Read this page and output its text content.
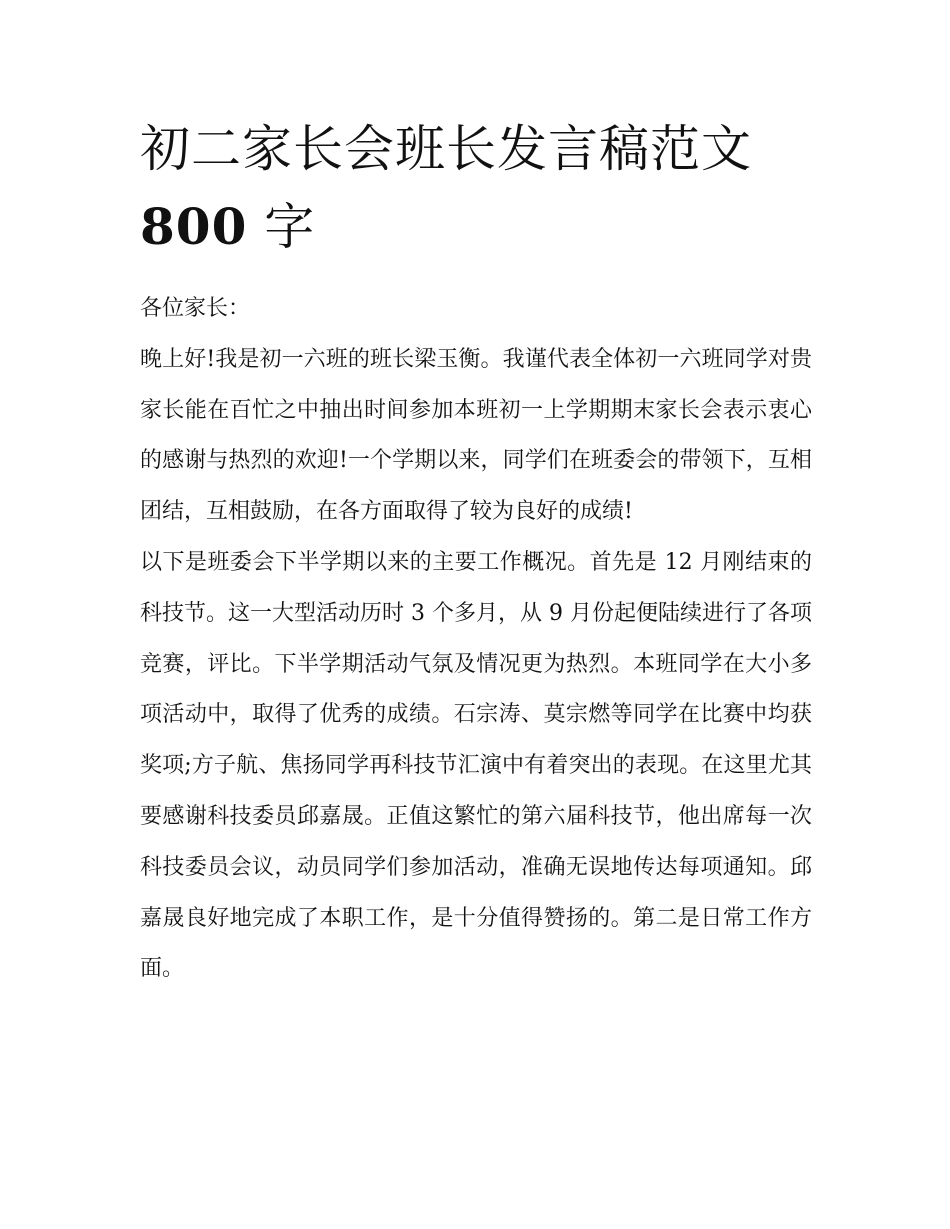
初二家长会班长发言稿范文
800 字

各位家长：

晚上好!我是初一六班的班长梁玉衡。我谨代表全体初一六班同学对贵家长能在百忙之中抽出时间参加本班初一上学期期末家长会表示衷心的感谢与热烈的欢迎!一个学期以来，同学们在班委会的带领下，互相团结，互相鼓励，在各方面取得了较为良好的成绩!

以下是班委会下半学期以来的主要工作概况。首先是 12 月刚结束的科技节。这一大型活动历时 3 个多月，从 9 月份起便陆续进行了各项竞赛，评比。下半学期活动气氛及情况更为热烈。本班同学在大小多项活动中，取得了优秀的成绩。石宗涛、莫宗燃等同学在比赛中均获奖项;方子航、焦扬同学再科技节汇演中有着突出的表现。在这里尤其要感谢科技委员邱嘉晟。正值这繁忙的第六届科技节，他出席每一次科技委员会议，动员同学们参加活动，准确无误地传达每项通知。邱嘉晟良好地完成了本职工作，是十分值得赞扬的。第二是日常工作方面。
